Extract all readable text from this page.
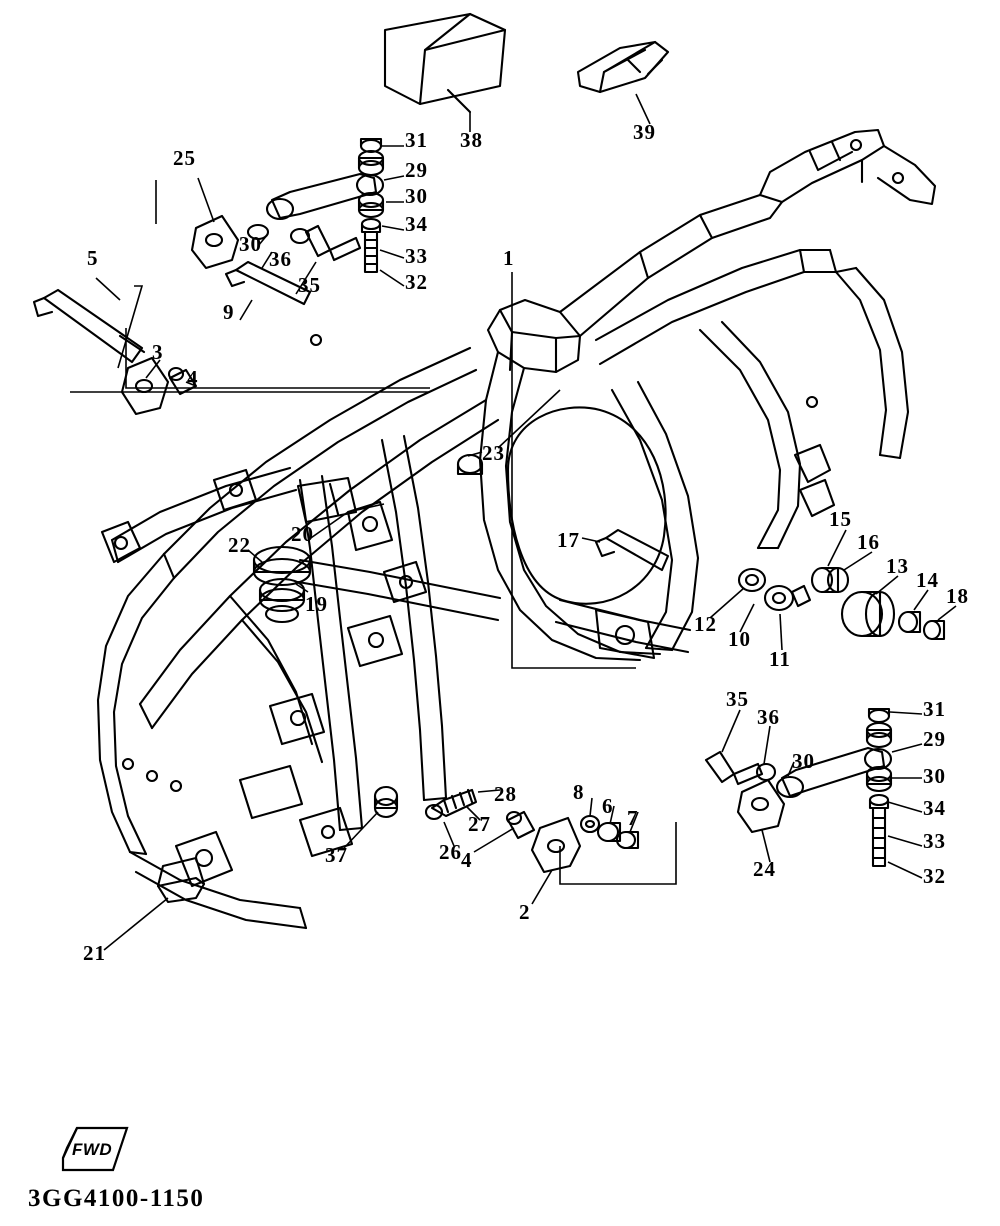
FWD
1
2
3
4
4
5
6 7
8
9
10
11
12
13
14
15
16
17
18
19
20
21
22
23
24
25
26
27
28
29
29
30
30
30
30
31
31
32
32
33
33
34
34
35
35
36
36
37
38	39
3GG4100-1150
